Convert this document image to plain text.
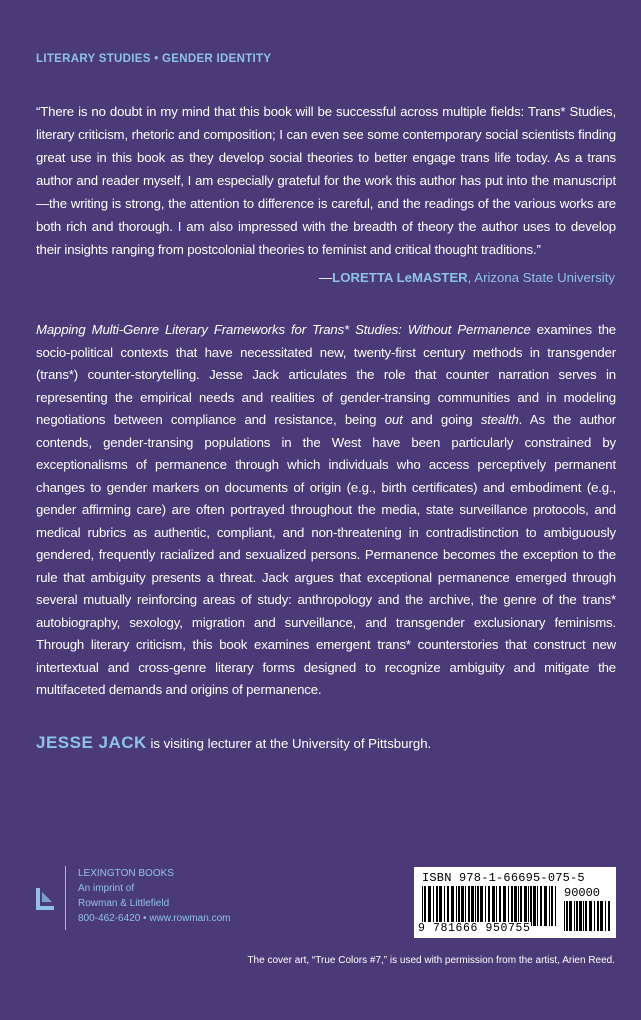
LITERARY STUDIES • GENDER IDENTITY
“There is no doubt in my mind that this book will be successful across multiple fields: Trans* Studies, literary criticism, rhetoric and composition; I can even see some contemporary social scientists finding great use in this book as they develop social theories to better engage trans life today. As a trans author and reader myself, I am especially grateful for the work this author has put into the manuscript—the writing is strong, the attention to difference is careful, and the readings of the various works are both rich and thorough. I am also impressed with the breadth of theory the author uses to develop their insights ranging from postcolonial theories to feminist and critical thought traditions.”
—LORETTA LeMASTER, Arizona State University
Mapping Multi-Genre Literary Frameworks for Trans* Studies: Without Permanence examines the socio-political contexts that have necessitated new, twenty-first century methods in transgender (trans*) counter-storytelling. Jesse Jack articulates the role that counter narration serves in representing the empirical needs and realities of gender-transing communities and in modeling negotiations between compliance and resistance, being out and going stealth. As the author contends, gender-transing populations in the West have been particularly constrained by exceptionalisms of permanence through which individuals who access perceptively permanent changes to gender markers on documents of origin (e.g., birth certificates) and embodiment (e.g., gender affirming care) are often portrayed throughout the media, state surveillance protocols, and medical rubrics as authentic, compliant, and non-threatening in contradistinction to ambiguously gendered, frequently racialized and sexualized persons. Permanence becomes the exception to the rule that ambiguity presents a threat. Jack argues that exceptional permanence emerged through several mutually reinforcing areas of study: anthropology and the archive, the genre of the trans* autobiography, sexology, migration and surveillance, and transgender exclusionary feminisms. Through literary criticism, this book examines emergent trans* counterstories that construct new intertextual and cross-genre literary forms designed to recognize ambiguity and mitigate the multifaceted demands and origins of permanence.
JESSE JACK is visiting lecturer at the University of Pittsburgh.
LEXINGTON BOOKS
An imprint of
Rowman & Littlefield
800-462-6420 • www.rowman.com
ISBN 978-1-66695-075-5
90000
9 781666 950755
The cover art, “True Colors #7,” is used with permission from the artist, Arien Reed.
